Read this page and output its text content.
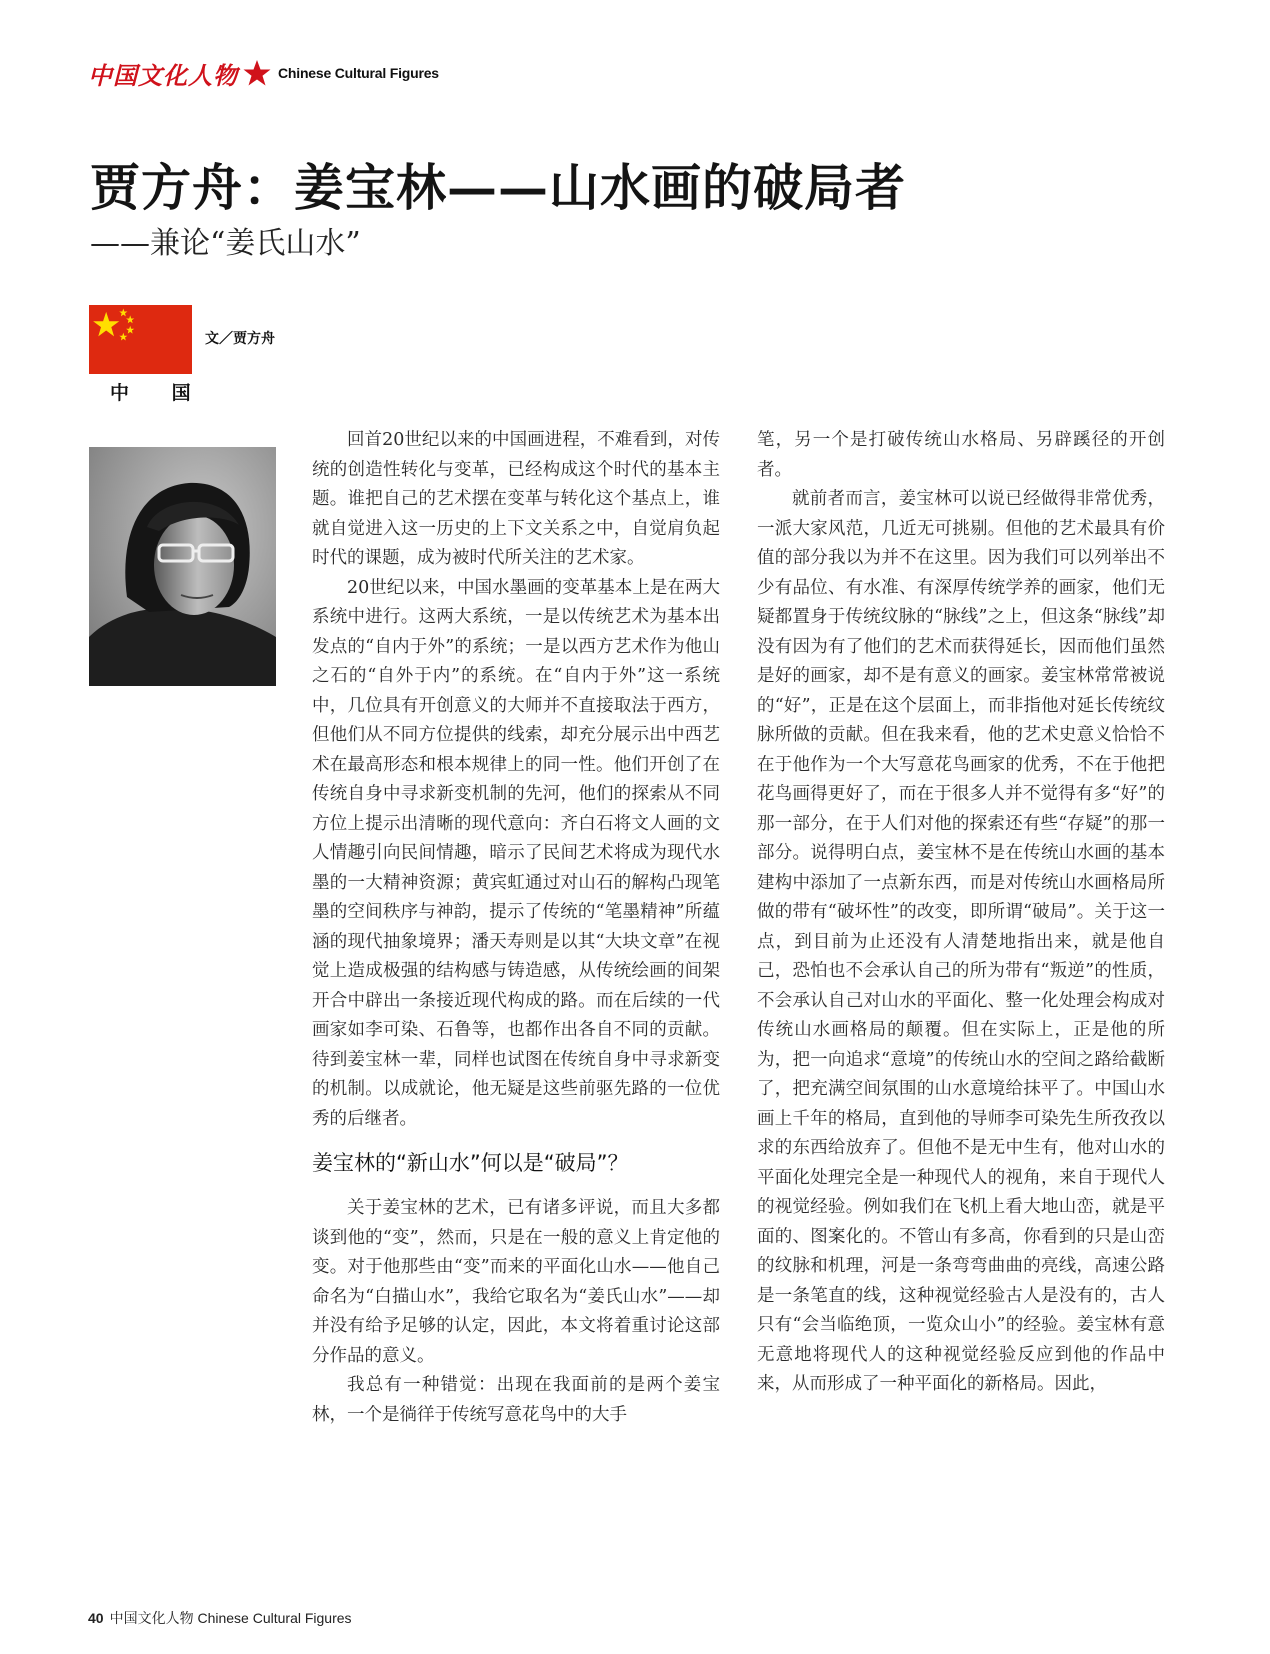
中国文化人物	Chinese Cultural Figures
贾方舟：姜宝林——山水画的破局者
——兼论“姜氏山水”
中 国
文／贾方舟

回首20世纪以来的中国画进程，不难看到，对传统的创造性转化与变革，已经构成这个时代的基本主题。谁把自己的艺术摆在变革与转化这个基点上，谁就自觉进入这一历史的上下文关系之中，自觉肩负起时代的课题，成为被时代所关注的艺术家。

20世纪以来，中国水墨画的变革基本上是在两大系统中进行。这两大系统，一是以传统艺术为基本出发点的“自内于外”的系统；一是以西方艺术作为他山之石的“自外于内”的系统。在“自内于外”这一系统中，几位具有开创意义的大师并不直接取法于西方，但他们从不同方位提供的线索，却充分展示出中西艺术在最高形态和根本规律上的同一性。他们开创了在传统自身中寻求新变机制的先河，他们的探索从不同方位上提示出清晰的现代意向：齐白石将文人画的文人情趣引向民间情趣，暗示了民间艺术将成为现代水墨的一大精神资源；黄宾虹通过对山石的解构凸现笔墨的空间秩序与神韵，提示了传统的“笔墨精神”所蕴涵的现代抽象境界；潘天寿则是以其“大块文章”在视觉上造成极强的结构感与铸造感，从传统绘画的间架开合中辟出一条接近现代构成的路。而在后续的一代画家如李可染、石鲁等，也都作出各自不同的贡献。待到姜宝林一辈，同样也试图在传统自身中寻求新变的机制。以成就论，他无疑是这些前驱先路的一位优秀的后继者。

姜宝林的“新山水”何以是“破局”？

关于姜宝林的艺术，已有诸多评说，而且大多都谈到他的“变”，然而，只是在一般的意义上肯定他的变。对于他那些由“变”而来的平面化山水——他自己命名为“白描山水”，我给它取名为“姜氏山水”——却并没有给予足够的认定，因此，本文将着重讨论这部分作品的意义。

我总有一种错觉：出现在我面前的是两个姜宝林，一个是徜徉于传统写意花鸟中的大手

笔，另一个是打破传统山水格局、另辟蹊径的开创者。

就前者而言，姜宝林可以说已经做得非常优秀，一派大家风范，几近无可挑剔。但他的艺术最具有价值的部分我以为并不在这里。因为我们可以列举出不少有品位、有水准、有深厚传统学养的画家，他们无疑都置身于传统纹脉的“脉线”之上，但这条“脉线”却没有因为有了他们的艺术而获得延长，因而他们虽然是好的画家，却不是有意义的画家。姜宝林常常被说的“好”，正是在这个层面上，而非指他对延长传统纹脉所做的贡献。但在我来看，他的艺术史意义恰恰不在于他作为一个大写意花鸟画家的优秀，不在于他把花鸟画得更好了，而在于很多人并不觉得有多“好”的那一部分，在于人们对他的探索还有些“存疑”的那一部分。说得明白点，姜宝林不是在传统山水画的基本建构中添加了一点新东西，而是对传统山水画格局所做的带有“破坏性”的改变，即所谓“破局”。关于这一点，到目前为止还没有人清楚地指出来，就是他自己，恐怕也不会承认自己的所为带有“叛逆”的性质，不会承认自己对山水的平面化、整一化处理会构成对传统山水画格局的颠覆。但在实际上，正是他的所为，把一向追求“意境”的传统山水的空间之路给截断了，把充满空间氛围的山水意境给抹平了。中国山水画上千年的格局，直到他的导师李可染先生所孜孜以求的东西给放弃了。但他不是无中生有，他对山水的平面化处理完全是一种现代人的视角，来自于现代人的视觉经验。例如我们在飞机上看大地山峦，就是平面的、图案化的。不管山有多高，你看到的只是山峦的纹脉和机理，河是一条弯弯曲曲的亮线，高速公路是一条笔直的线，这种视觉经验古人是没有的，古人只有“会当临绝顶，一览众山小”的经验。姜宝林有意无意地将现代人的这种视觉经验反应到他的作品中来，从而形成了一种平面化的新格局。因此，

40 中国文化人物 Chinese Cultural Figures
